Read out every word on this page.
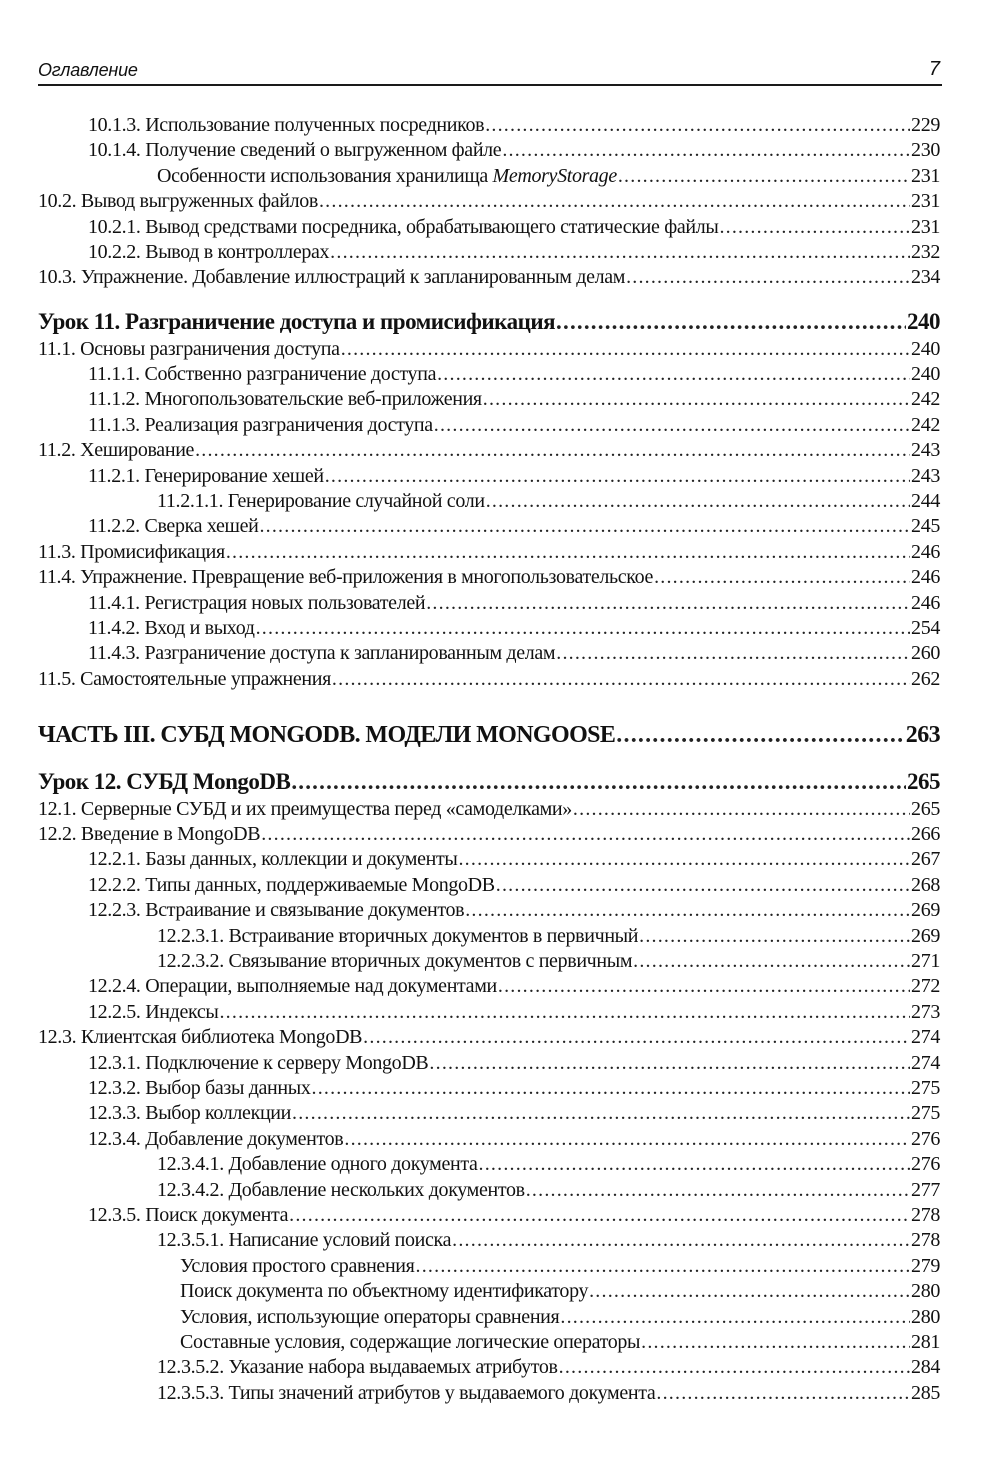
Оглавление	7
10.1.3. Использование полученных посредников .....	229
10.1.4. Получение сведений о выгруженном файле .....	230
Особенности использования хранилища MemoryStorage .....	231
10.2. Вывод выгруженных файлов .....	231
10.2.1. Вывод средствами посредника, обрабатывающего статические файлы .....	231
10.2.2. Вывод в контроллерах .....	232
10.3. Упражнение. Добавление иллюстраций к запланированным делам .....	234
Урок 11. Разграничение доступа и промисификация .....	240
11.1. Основы разграничения доступа .....	240
11.1.1. Собственно разграничение доступа .....	240
11.1.2. Многопользовательские веб-приложения .....	242
11.1.3. Реализация разграничения доступа .....	242
11.2. Хеширование .....	243
11.2.1. Генерирование хешей .....	243
11.2.1.1. Генерирование случайной соли .....	244
11.2.2. Сверка хешей .....	245
11.3. Промисификация .....	246
11.4. Упражнение. Превращение веб-приложения в многопользовательское .....	246
11.4.1. Регистрация новых пользователей .....	246
11.4.2. Вход и выход .....	254
11.4.3. Разграничение доступа к запланированным делам .....	260
11.5. Самостоятельные упражнения .....	262
ЧАСТЬ III. СУБД MONGODB. МОДЕЛИ MONGOOSE .....	263
Урок 12. СУБД MongoDB .....	265
12.1. Серверные СУБД и их преимущества перед «самоделками» .....	265
12.2. Введение в MongoDB .....	266
12.2.1. Базы данных, коллекции и документы .....	267
12.2.2. Типы данных, поддерживаемые MongoDB .....	268
12.2.3. Встраивание и связывание документов .....	269
12.2.3.1. Встраивание вторичных документов в первичный .....	269
12.2.3.2. Связывание вторичных документов с первичным .....	271
12.2.4. Операции, выполняемые над документами .....	272
12.2.5. Индексы .....	273
12.3. Клиентская библиотека MongoDB .....	274
12.3.1. Подключение к серверу MongoDB .....	274
12.3.2. Выбор базы данных .....	275
12.3.3. Выбор коллекции .....	275
12.3.4. Добавление документов .....	276
12.3.4.1. Добавление одного документа .....	276
12.3.4.2. Добавление нескольких документов .....	277
12.3.5. Поиск документа .....	278
12.3.5.1. Написание условий поиска .....	278
Условия простого сравнения .....	279
Поиск документа по объектному идентификатору .....	280
Условия, использующие операторы сравнения .....	280
Составные условия, содержащие логические операторы .....	281
12.3.5.2. Указание набора выдаваемых атрибутов .....	284
12.3.5.3. Типы значений атрибутов у выдаваемого документа .....	285
